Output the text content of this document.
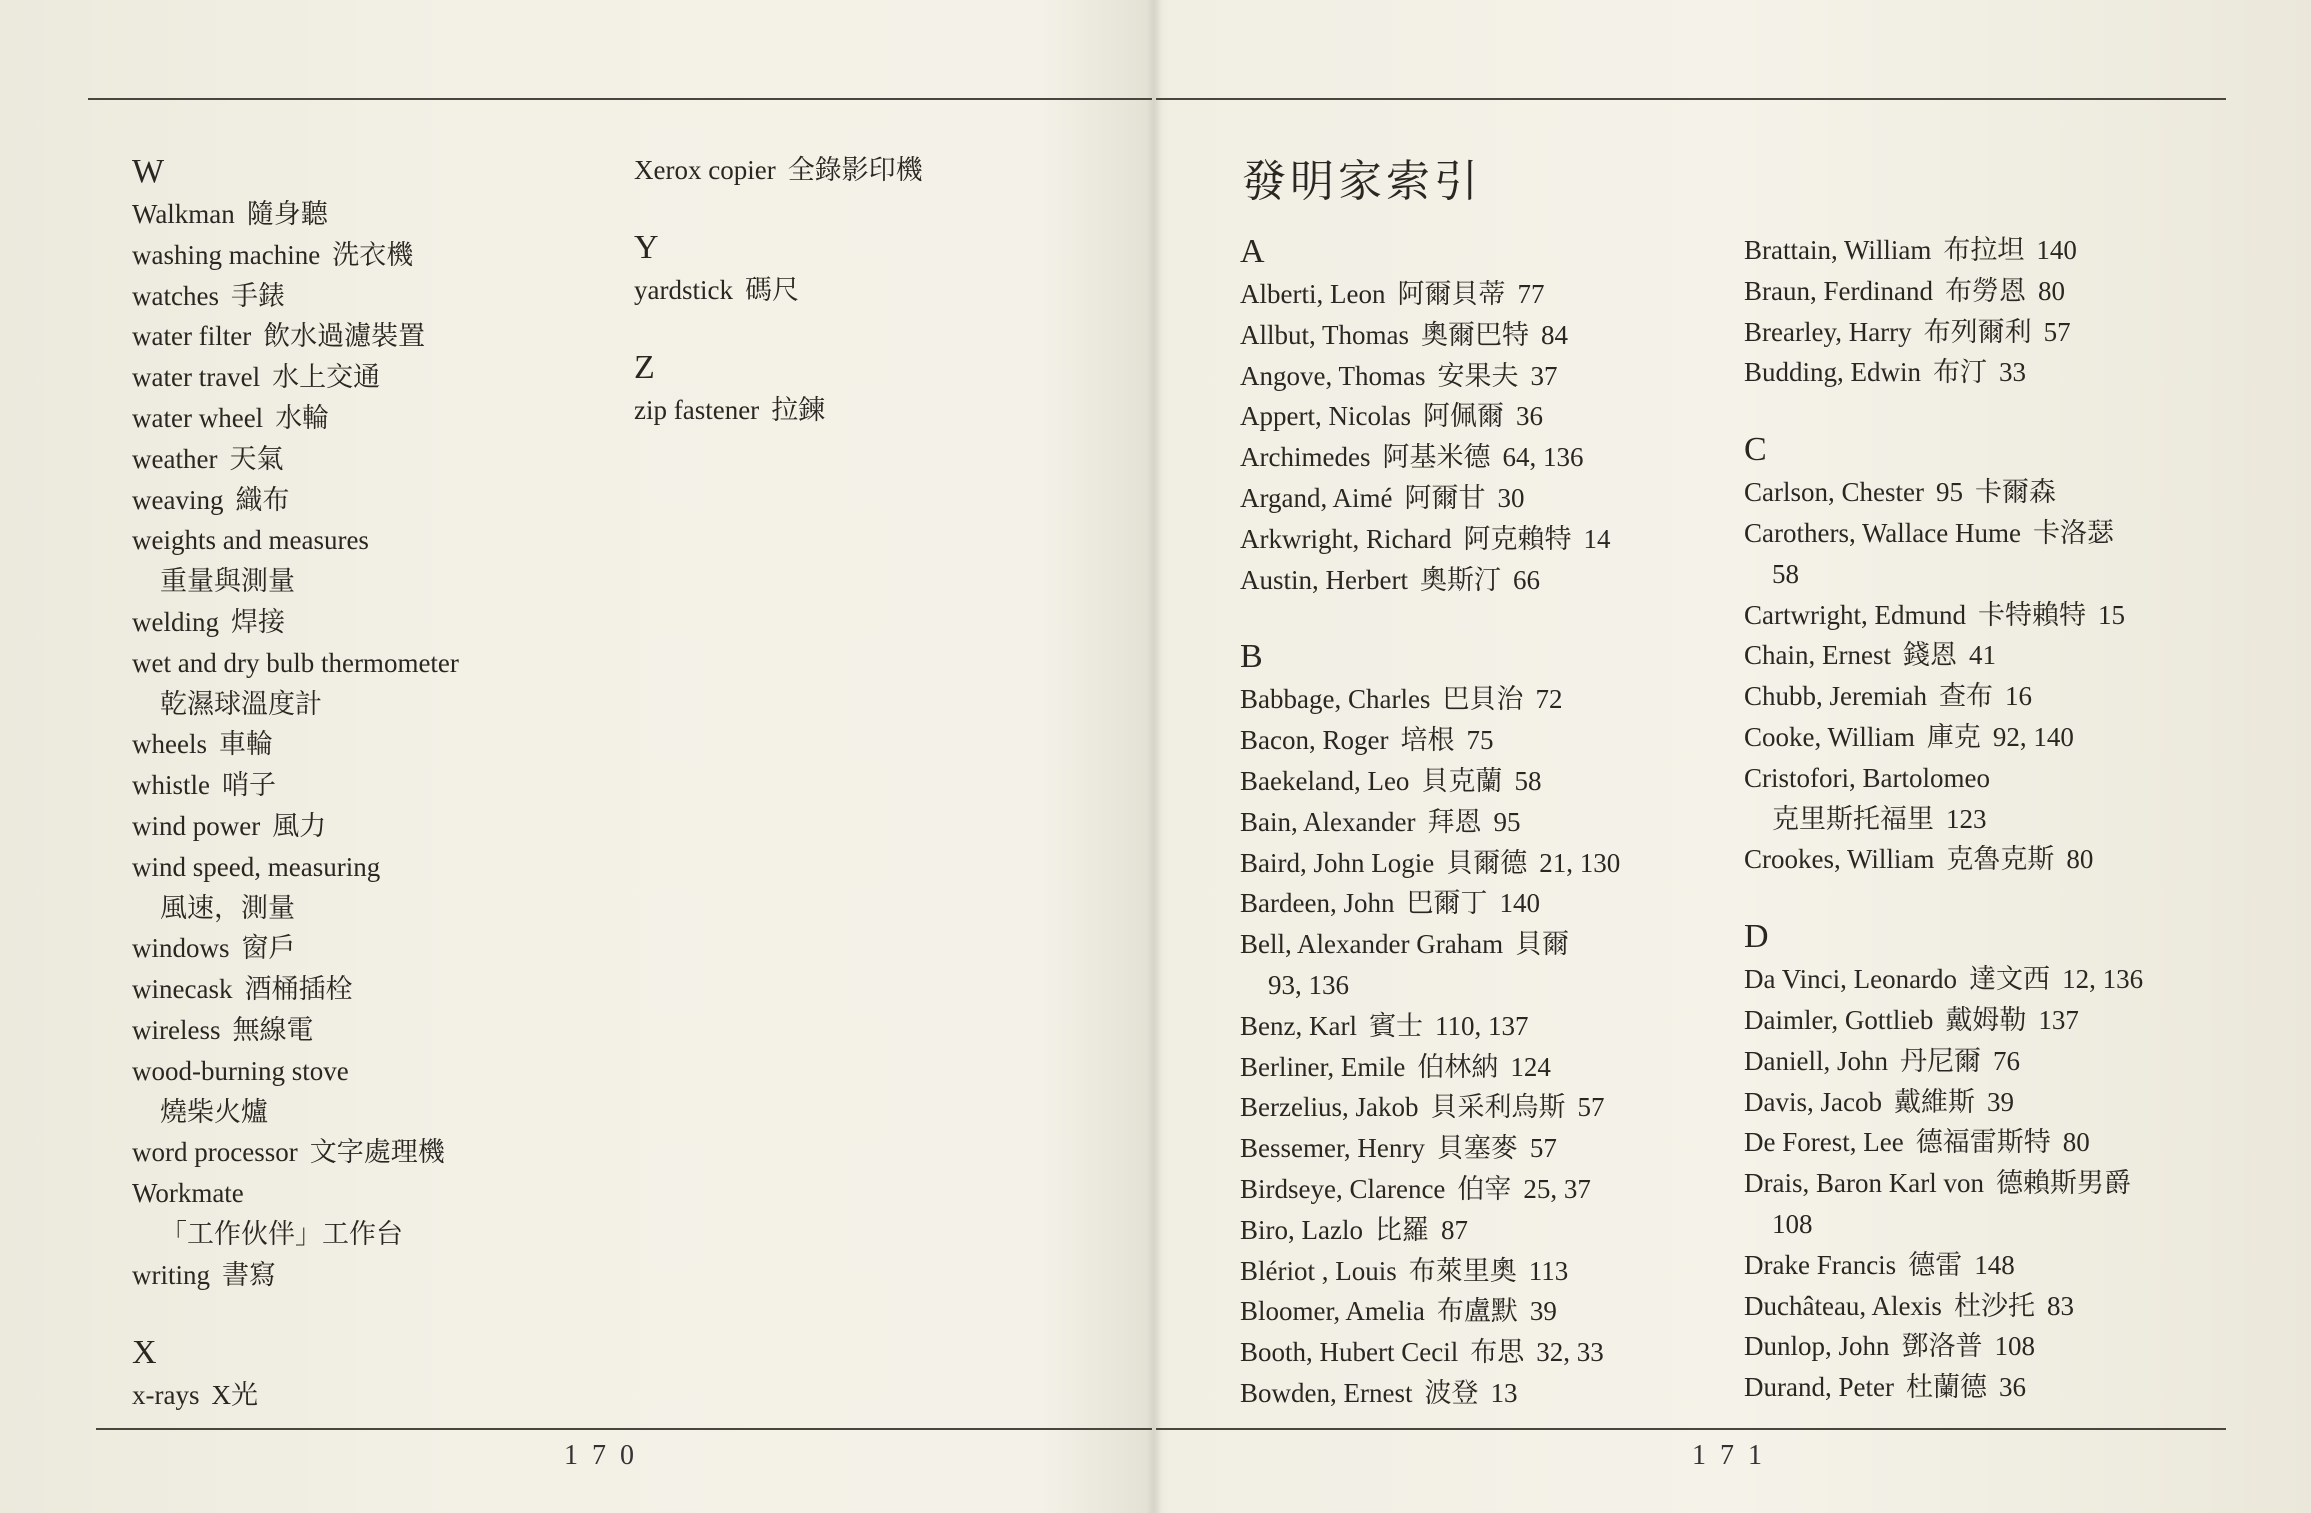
W
Walkman 隨身聽
washing machine 洗衣機
watches 手錶
water filter 飲水過濾裝置
water travel 水上交通
water wheel 水輪
weather 天氣
weaving 織布
weights and measures
重量與測量
welding 焊接
wet and dry bulb thermometer
乾濕球溫度計
wheels 車輪
whistle 哨子
wind power 風力
wind speed, measuring
風速，測量
windows 窗戶
winecask 酒桶插栓
wireless 無線電
wood-burning stove
燒柴火爐
word processor 文字處理機
Workmate
「工作伙伴」工作台
writing 書寫
X
x-rays X光
Xerox copier 全錄影印機
Y
yardstick 碼尺
Z
zip fastener 拉鍊
170
發明家索引
A
Alberti, Leon 阿爾貝蒂 77
Allbut, Thomas 奧爾巴特 84
Angove, Thomas 安果夫 37
Appert, Nicolas 阿佩爾 36
Archimedes 阿基米德 64, 136
Argand, Aimé 阿爾甘 30
Arkwright, Richard 阿克賴特 14
Austin, Herbert 奧斯汀 66
B
Babbage, Charles 巴貝治 72
Bacon, Roger 培根 75
Baekeland, Leo 貝克蘭 58
Bain, Alexander 拜恩 95
Baird, John Logie 貝爾德 21, 130
Bardeen, John 巴爾丁 140
Bell, Alexander Graham 貝爾
93, 136
Benz, Karl 賓士 110, 137
Berliner, Emile 伯林納 124
Berzelius, Jakob 貝采利烏斯 57
Bessemer, Henry 貝塞麥 57
Birdseye, Clarence 伯宰 25, 37
Biro, Lazlo 比羅 87
Blériot , Louis 布萊里奧 113
Bloomer, Amelia 布盧默 39
Booth, Hubert Cecil 布思 32, 33
Bowden, Ernest 波登 13
Brattain, William 布拉坦 140
Braun, Ferdinand 布勞恩 80
Brearley, Harry 布列爾利 57
Budding, Edwin 布汀 33
C
Carlson, Chester 95 卡爾森
Carothers, Wallace Hume 卡洛瑟
58
Cartwright, Edmund 卡特賴特 15
Chain, Ernest 錢恩 41
Chubb, Jeremiah 查布 16
Cooke, William 庫克 92, 140
Cristofori, Bartolomeo
克里斯托福里 123
Crookes, William 克魯克斯 80
D
Da Vinci, Leonardo 達文西 12, 136
Daimler, Gottlieb 戴姆勒 137
Daniell, John 丹尼爾 76
Davis, Jacob 戴維斯 39
De Forest, Lee 德福雷斯特 80
Drais, Baron Karl von 德賴斯男爵
108
Drake Francis 德雷 148
Duchâteau, Alexis 杜沙托 83
Dunlop, John 鄧洛普 108
Durand, Peter 杜蘭德 36
171
